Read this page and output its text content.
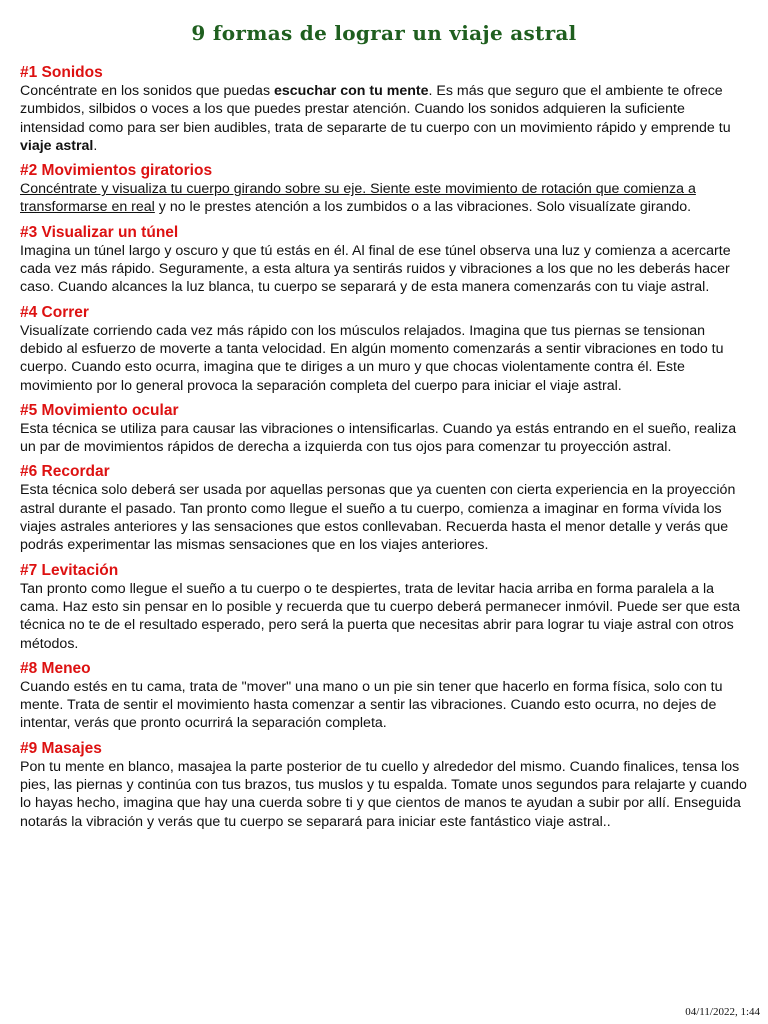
9 formas de lograr un viaje astral
#1 Sonidos

Concéntrate en los sonidos que puedas escuchar con tu mente. Es más que seguro que el ambiente te ofrece zumbidos, silbidos o voces a los que puedes prestar atención. Cuando los sonidos adquieren la suficiente intensidad como para ser bien audibles, trata de separarte de tu cuerpo con un movimiento rápido y emprende tu viaje astral.

#2 Movimientos giratorios

Concéntrate y visualiza tu cuerpo girando sobre su eje. Siente este movimiento de rotación que comienza a transformarse en real y no le prestes atención a los zumbidos o a las vibraciones. Solo visualízate girando.

#3 Visualizar un túnel

Imagina un túnel largo y oscuro y que tú estás en él. Al final de ese túnel observa una luz y comienza a acercarte cada vez más rápido. Seguramente, a esta altura ya sentirás ruidos y vibraciones a los que no les deberás hacer caso. Cuando alcances la luz blanca, tu cuerpo se separará y de esta manera comenzarás con tu viaje astral.

#4 Correr

Visualízate corriendo cada vez más rápido con los músculos relajados. Imagina que tus piernas se tensionan debido al esfuerzo de moverte a tanta velocidad. En algún momento comenzarás a sentir vibraciones en todo tu cuerpo. Cuando esto ocurra, imagina que te diriges a un muro y que chocas violentamente contra él. Este movimiento por lo general provoca la separación completa del cuerpo para iniciar el viaje astral.

#5 Movimiento ocular

Esta técnica se utiliza para causar las vibraciones o intensificarlas. Cuando ya estás entrando en el sueño, realiza un par de movimientos rápidos de derecha a izquierda con tus ojos para comenzar tu proyección astral.

#6 Recordar

Esta técnica solo deberá ser usada por aquellas personas que ya cuenten con cierta experiencia en la proyección astral durante el pasado. Tan pronto como llegue el sueño a tu cuerpo, comienza a imaginar en forma vívida los viajes astrales anteriores y las sensaciones que estos conllevaban. Recuerda hasta el menor detalle y verás que podrás experimentar las mismas sensaciones que en los viajes anteriores.

#7 Levitación

Tan pronto como llegue el sueño a tu cuerpo o te despiertes, trata de levitar hacia arriba en forma paralela a la cama. Haz esto sin pensar en lo posible y recuerda que tu cuerpo deberá permanecer inmóvil. Puede ser que esta técnica no te de el resultado esperado, pero será la puerta que necesitas abrir para lograr tu viaje astral con otros métodos.

#8 Meneo

Cuando estés en tu cama, trata de "mover" una mano o un pie sin tener que hacerlo en forma física, solo con tu mente. Trata de sentir el movimiento hasta comenzar a sentir las vibraciones. Cuando esto ocurra, no dejes de intentar, verás que pronto ocurrirá la separación completa.

#9 Masajes

Pon tu mente en blanco, masajea la parte posterior de tu cuello y alrededor del mismo. Cuando finalices, tensa los pies, las piernas y continúa con tus brazos, tus muslos y tu espalda. Tomate unos segundos para relajarte y cuando lo hayas hecho, imagina que hay una cuerda sobre ti y que cientos de manos te ayudan a subir por allí. Enseguida notarás la vibración y verás que tu cuerpo se separará para iniciar este fantástico viaje astral..

04/11/2022, 1:44
